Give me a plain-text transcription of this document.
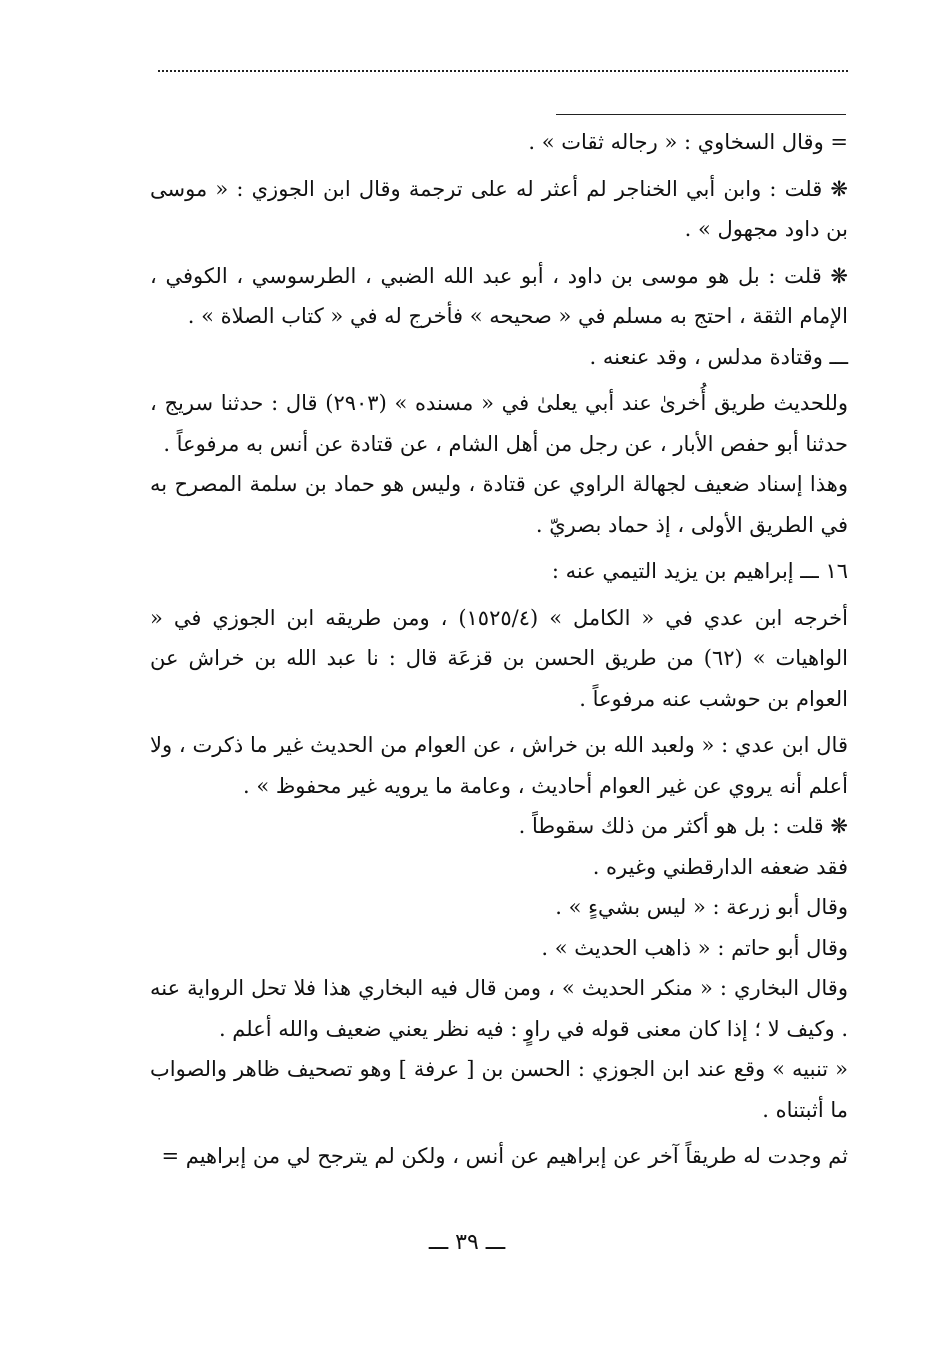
= وقال السخاوي : « رجاله ثقات » .

❋ قلت : وابن أبي الخناجر لم أعثر له على ترجمة وقال ابن الجوزي : « موسى بن داود مجهول » .

❋ قلت : بل هو موسى بن داود ، أبو عبد الله الضبي ، الطرسوسي ، الكوفي ، الإمام الثقة ، احتج به مسلم في « صحيحه » فأخرج له في « كتاب الصلاة » .

ـــ وقتادة مدلس ، وقد عنعنه .

وللحديث طريق أُخرىٰ عند أبي يعلىٰ في « مسنده » (٢٩٠٣) قال : حدثنا سريج ، حدثنا أبو حفص الأبار ، عن رجل من أهل الشام ، عن قتادة عن أنس به مرفوعاً .

وهذا إسناد ضعيف لجهالة الراوي عن قتادة ، وليس هو حماد بن سلمة المصرح به في الطريق الأولى ، إذ حماد بصريّ .

١٦ ـــ إبراهيم بن يزيد التيمي عنه :

أخرجه ابن عدي في « الكامل » (١٥٢٥/٤) ، ومن طريقه ابن الجوزي في « الواهيات » (٦٢) من طريق الحسن بن قزعَة قال : نا عبد الله بن خراش عن العوام بن حوشب عنه مرفوعاً .

قال ابن عدي : « ولعبد الله بن خراش ، عن العوام من الحديث غير ما ذكرت ، ولا أعلم أنه يروي عن غير العوام أحاديث ، وعامة ما يرويه غير محفوظ » .

❋ قلت : بل هو أكثر من ذلك سقوطاً .

فقد ضعفه الدارقطني وغيره .

وقال أبو زرعة : « ليس بشيءٍ » .

وقال أبو حاتم : « ذاهب الحديث » .

وقال البخاري : « منكر الحديث » ، ومن قال فيه البخاري هذا فلا تحل الرواية عنه . وكيف لا ؛ إذا كان معنى قوله في راوٍ : فيه نظر يعني ضعيف والله أعلم .

« تنبيه » وقع عند ابن الجوزي : الحسن بن [ عرفة ] وهو تصحيف ظاهر والصواب ما أثبتناه .

ثم وجدت له طريقاً آخر عن إبراهيم عن أنس ، ولكن لم يترجح لي من إبراهيم =

ـــ ٣٩ ـــ
